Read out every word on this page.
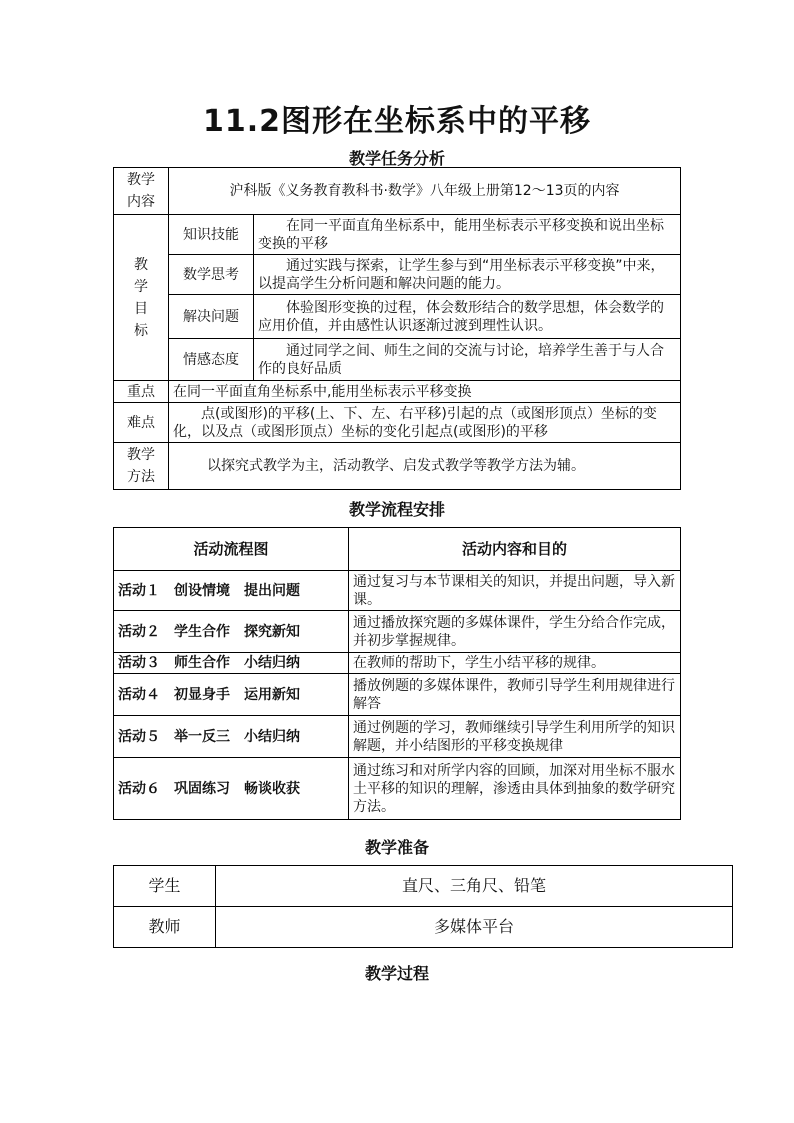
11.2图形在坐标系中的平移
教学任务分析
教学
内容	沪科版《义务教育教科书·数学》八年级上册第12～13页的内容	

教
学
目
标	知识技能	在同一平面直角坐标系中，能用坐标表示平移变换和说出坐标变换的平移
	数学思考	通过实践与探索，让学生参与到“用坐标表示平移变换”中来，以提高学生分析问题和解决问题的能力。
	解决问题	体验图形变换的过程，体会数形结合的数学思想，体会数学的应用价值，并由感性认识逐渐过渡到理性认识。
	情感态度	通过同学之间、师生之间的交流与讨论，培养学生善于与人合作的良好品质
重点	在同一平面直角坐标系中,能用坐标表示平移变换	
难点	点(或图形)的平移(上、下、左、右平移)引起的点（或图形顶点）坐标的变化，以及点（或图形顶点）坐标的变化引起点(或图形)的平移	

教学
方法	以探究式教学为主，活动教学、启发式教学等教学方法为辅。	
教学流程安排
活动流程图	活动内容和目的
活动１　创设情境　提出问题	通过复习与本节课相关的知识，并提出问题，导入新课。
活动２　学生合作　探究新知	通过播放探究题的多媒体课件，学生分给合作完成，并初步掌握规律。
活动３　师生合作　小结归纳	在教师的帮助下，学生小结平移的规律。
活动４　初显身手　运用新知	播放例题的多媒体课件，教师引导学生利用规律进行解答
活动５　举一反三　小结归纳	通过例题的学习，教师继续引导学生利用所学的知识解题，并小结图形的平移变换规律
活动６　巩固练习　畅谈收获	通过练习和对所学内容的回顾，加深对用坐标不服水土平移的知识的理解，渗透由具体到抽象的数学研究方法。
教学准备
学生	直尺、三角尺、铅笔
教师	多媒体平台
教学过程
